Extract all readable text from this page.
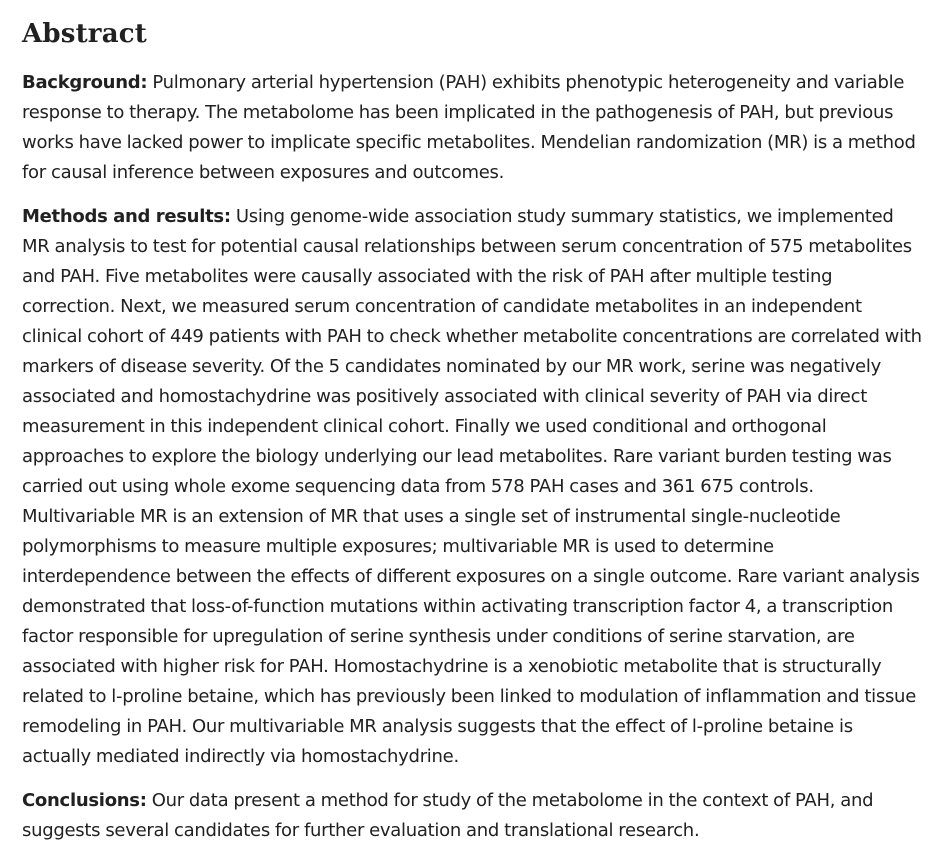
Abstract

Background: Pulmonary arterial hypertension (PAH) exhibits phenotypic heterogeneity and variable response to therapy. The metabolome has been implicated in the pathogenesis of PAH, but previous works have lacked power to implicate specific metabolites. Mendelian randomization (MR) is a method for causal inference between exposures and outcomes.

Methods and results: Using genome-wide association study summary statistics, we implemented MR analysis to test for potential causal relationships between serum concentration of 575 metabolites and PAH. Five metabolites were causally associated with the risk of PAH after multiple testing correction. Next, we measured serum concentration of candidate metabolites in an independent clinical cohort of 449 patients with PAH to check whether metabolite concentrations are correlated with markers of disease severity. Of the 5 candidates nominated by our MR work, serine was negatively associated and homostachydrine was positively associated with clinical severity of PAH via direct measurement in this independent clinical cohort. Finally we used conditional and orthogonal approaches to explore the biology underlying our lead metabolites. Rare variant burden testing was carried out using whole exome sequencing data from 578 PAH cases and 361 675 controls. Multivariable MR is an extension of MR that uses a single set of instrumental single-nucleotide polymorphisms to measure multiple exposures; multivariable MR is used to determine interdependence between the effects of different exposures on a single outcome. Rare variant analysis demonstrated that loss-of-function mutations within activating transcription factor 4, a transcription factor responsible for upregulation of serine synthesis under conditions of serine starvation, are associated with higher risk for PAH. Homostachydrine is a xenobiotic metabolite that is structurally related to l-proline betaine, which has previously been linked to modulation of inflammation and tissue remodeling in PAH. Our multivariable MR analysis suggests that the effect of l-proline betaine is actually mediated indirectly via homostachydrine.

Conclusions: Our data present a method for study of the metabolome in the context of PAH, and suggests several candidates for further evaluation and translational research.
